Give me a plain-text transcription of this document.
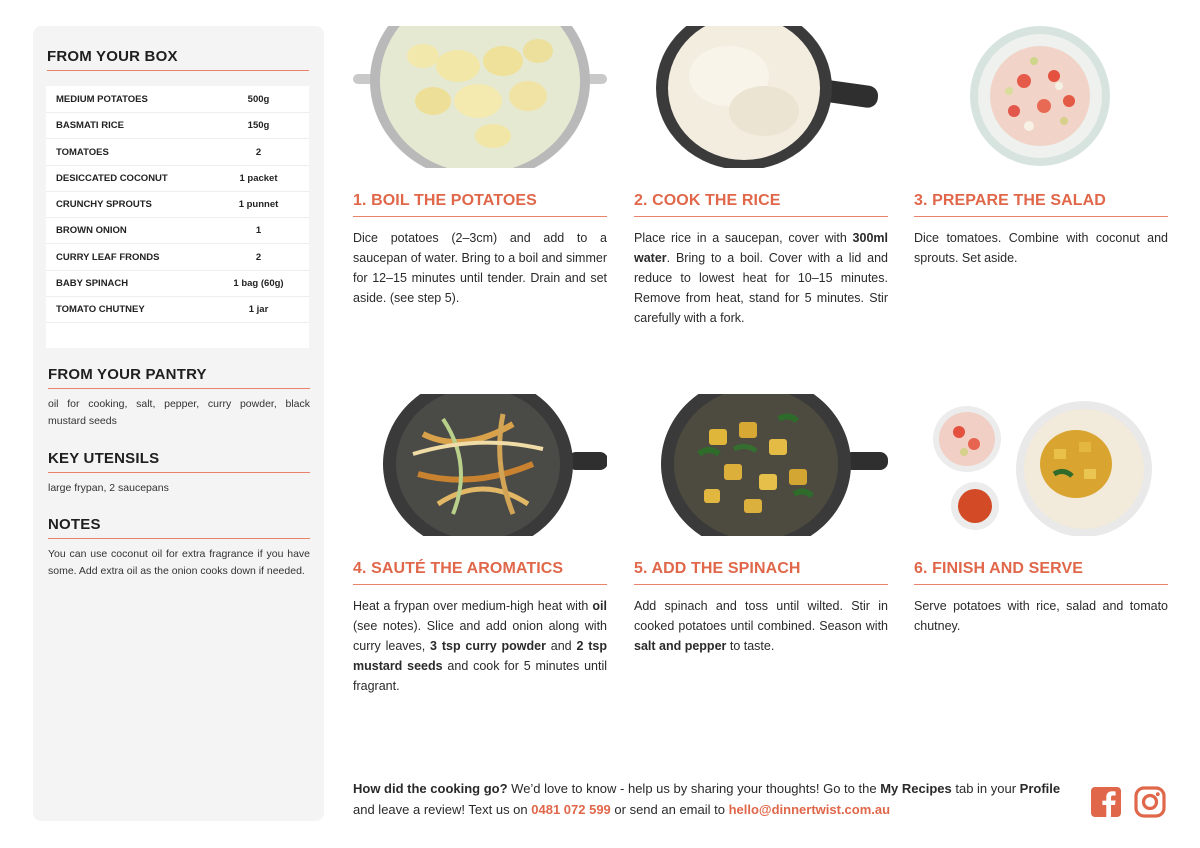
FROM YOUR BOX
MEDIUM POTATOES	500g
BASMATI RICE	150g
TOMATOES	2
DESICCATED COCONUT	1 packet
CRUNCHY SPROUTS	1 punnet
BROWN ONION	1
CURRY LEAF FRONDS	2
BABY SPINACH	1 bag (60g)
TOMATO CHUTNEY	1 jar
FROM YOUR PANTRY
oil for cooking, salt, pepper, curry powder, black mustard seeds
KEY UTENSILS
large frypan, 2 saucepans
NOTES
You can use coconut oil for extra fragrance if you have some. Add extra oil as the onion cooks down if needed.
1. BOIL THE POTATOES	2. COOK THE RICE	3. PREPARE THE SALAD
4. SAUTÉ THE AROMATICS	5. ADD THE SPINACH	6. FINISH AND SERVE
Dice potatoes (2–3cm) and add to a saucepan of water. Bring to a boil and simmer for 12–15 minutes until tender. Drain and set aside. (see step 5).
Place rice in a saucepan, cover with 300ml water. Bring to a boil. Cover with a lid and reduce to lowest heat for 10–15 minutes. Remove from heat, stand for 5 minutes. Stir carefully with a fork.
Dice tomatoes. Combine with coconut and sprouts. Set aside.
Heat a frypan over medium-high heat with oil (see notes). Slice and add onion along with curry leaves, 3 tsp curry powder and 2 tsp mustard seeds and cook for 5 minutes until fragrant.
Add spinach and toss until wilted. Stir in cooked potatoes until combined. Season with salt and pepper to taste.
Serve potatoes with rice, salad and tomato chutney.
How did the cooking go? We’d love to know - help us by sharing your thoughts! Go to the My Recipes tab in your Profile and leave a review! Text us on 0481 072 599 or send an email to hello@dinnertwist.com.au
